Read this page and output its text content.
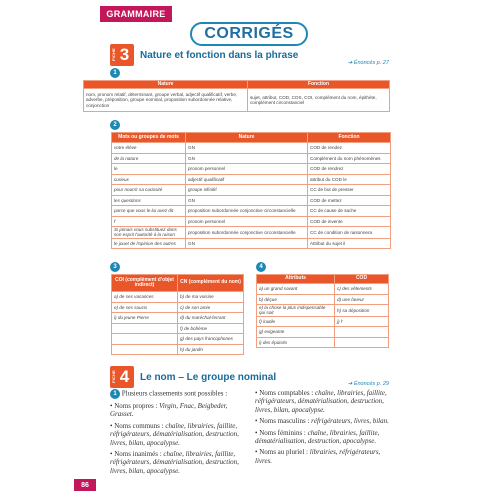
GRAMMAIRE
CORRIGÉS
FICHE 3 Nature et fonction dans la phrase
➔ Énoncés p. 27
1
Nature	Fonction
nom, pronom relatif, déterminant, groupe verbal, adjectif qualificatif, verbe, adverbe, préposition, groupe nominal, proposition subordonnée relative, conjonction	sujet, attribut, COD, COS, COI, complément du nom, épithète, complément circonstanciel
2
Mots ou groupes de mots	Nature	Fonction
votre élève	GN	COD de rendez
de la nature	GN	Complément du nom phénomènes
le	pronom personnel	COD de rendrez
curieux	adjectif qualificatif	attribut du COD le
pour nourrir sa curiosité	groupe infinitif	CC de but de presser
les questions	GN	COD de mettez
parce que vous le lui avez dit	proposition subordonnée conjonctive circonstancielle	CC de cause de sache
l'	pronom personnel	COD de invente
Si jamais vous substituez dans son esprit l'autorité à la raison	proposition subordonnée conjonctive circonstancielle	CC de condition de raisonnera
le jouet de l'opinion des autres	GN	Attribut du sujet il
3
COI (complément d'objet indirect)	CN (complément du nom)
a) de ses vacances	b) de ma voisine
e) de ses soucis	c) de son amie
i) du jeune Pierre	d) du maréchal-ferrant
	f) de bohème
	g) des pays francophones
	h) du jardin
4
Attributs	COD
a) un grand savant	c) des vêtements
b) déçue	d) une faveur
e) la chose la plus indispensable qui soit	h) sa déposition
f) inutile	j) l'
g) exigeante	
i) des épuisés	
FICHE 4 Le nom – Le groupe nominal
➔ Énoncés p. 29

1 Plusieurs classements sont possibles :

• Noms propres : Virgin, Fnac, Beigbeder, Grasset.

• Noms communs : chaîne, librairies, faillite, réfrigérateurs, dématérialisation, destruction, livres, bilan, apocalypse.

• Noms inanimés : chaîne, librairies, faillite, réfrigérateurs, dématérialisation, destruction, livres, bilan, apocalypse.

• Noms comptables : chaîne, librairies, faillite, réfrigérateurs, dématérialisation, destruction, livres, bilan, apocalypse.

• Noms masculins : réfrigérateurs, livres, bilan.

• Noms féminins : chaîne, librairies, faillite, dématérialisation, destruction, apocalypse.

• Noms au pluriel : librairies, réfrigérateurs, livres.

86
